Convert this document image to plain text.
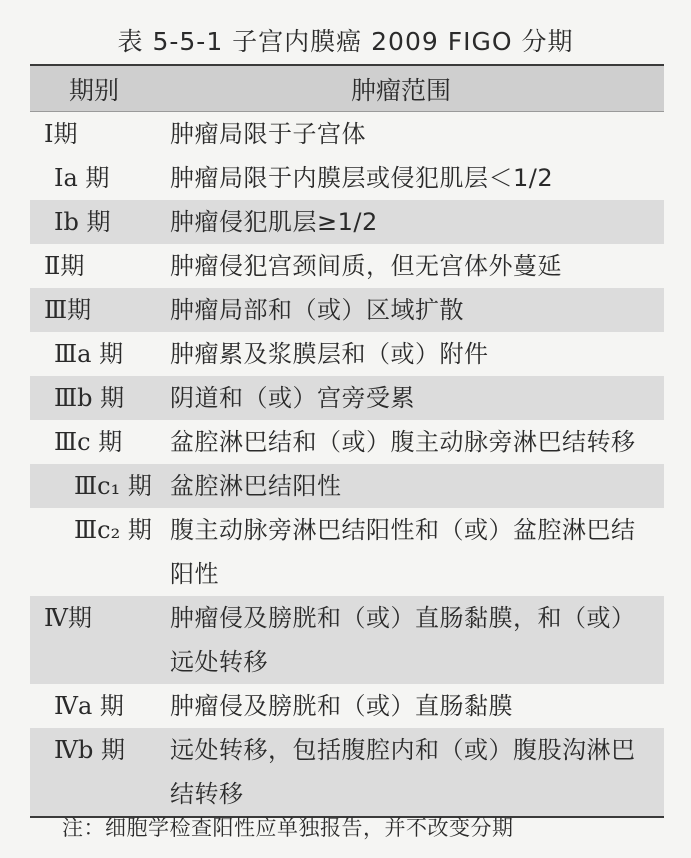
表 5-5-1 子宫内膜癌 2009 FIGO 分期
期别	肿瘤范围
Ⅰ期	肿瘤局限于子宫体
Ⅰa 期	肿瘤局限于内膜层或侵犯肌层＜1/2
Ⅰb 期	肿瘤侵犯肌层≥1/2
Ⅱ期	肿瘤侵犯宫颈间质，但无宫体外蔓延
Ⅲ期	肿瘤局部和（或）区域扩散
Ⅲa 期	肿瘤累及浆膜层和（或）附件
Ⅲb 期	阴道和（或）宫旁受累
Ⅲc 期	盆腔淋巴结和（或）腹主动脉旁淋巴结转移
Ⅲc₁ 期 盆腔淋巴结阳性
Ⅲc₂ 期 腹主动脉旁淋巴结阳性和（或）盆腔淋巴结阳性
Ⅳ期	肿瘤侵及膀胱和（或）直肠黏膜，和（或）远处转移
Ⅳa 期	肿瘤侵及膀胱和（或）直肠黏膜
Ⅳb 期	远处转移，包括腹腔内和（或）腹股沟淋巴结转移
注：细胞学检查阳性应单独报告，并不改变分期
